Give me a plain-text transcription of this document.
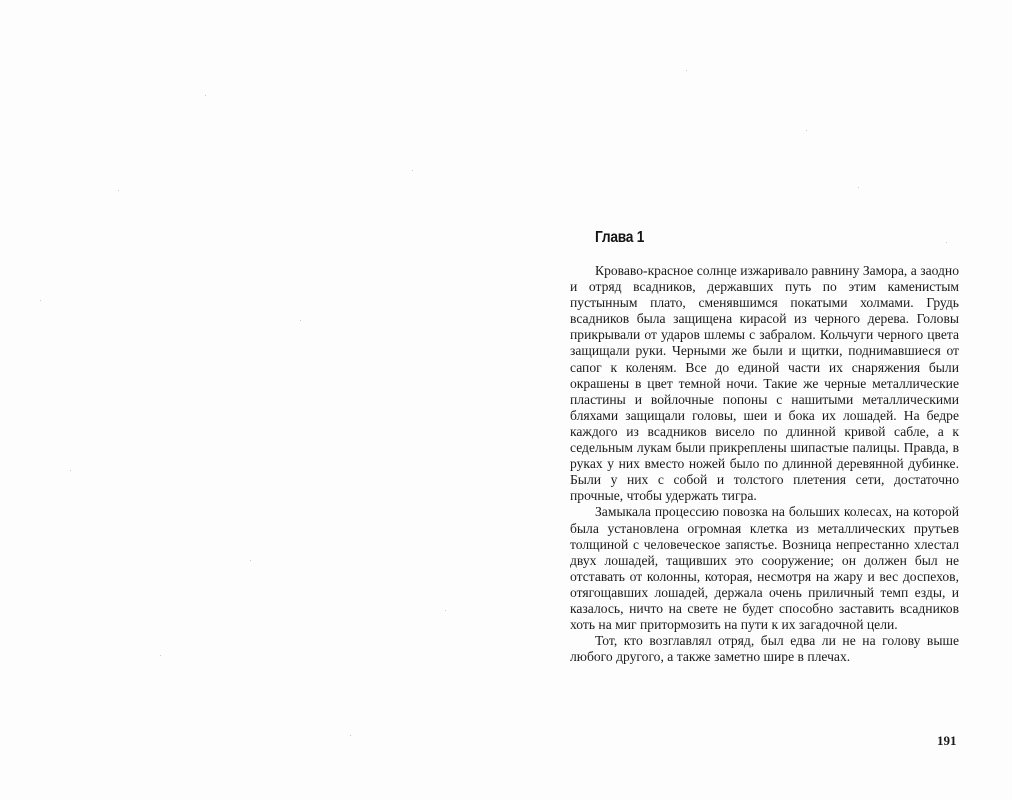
Глава 1

Кроваво-красное солнце изжаривало равнину Замора, а заодно и отряд всадников, державших путь по этим каменистым пустынным плато, сменявшимся покатыми холмами. Грудь всадников была защищена кирасой из черного дерева. Головы прикрывали от ударов шлемы с забралом. Кольчуги черного цвета защищали руки. Черными же были и щитки, поднимавшиеся от сапог к коленям. Все до единой части их снаряжения были окрашены в цвет темной ночи. Такие же черные металлические пластины и войлочные попоны с нашитыми металлическими бляхами защищали головы, шеи и бока их лошадей. На бедре каждого из всадников висело по длинной кривой сабле, а к седельным лукам были прикреплены шипастые палицы. Правда, в руках у них вместо ножей было по длинной деревянной дубинке. Были у них с собой и толстого плетения сети, достаточно прочные, чтобы удержать тигра.

Замыкала процессию повозка на больших колесах, на которой была установлена огромная клетка из металлических прутьев толщиной с человеческое запястье. Возница непрестанно хлестал двух лошадей, тащивших это сооружение; он должен был не отставать от колонны, которая, несмотря на жару и вес доспехов, отягощавших лошадей, держала очень приличный темп езды, и казалось, ничто на свете не будет способно заставить всадников хоть на миг притормозить на пути к их загадочной цели.

Тот, кто возглавлял отряд, был едва ли не на голову выше любого другого, а также заметно шире в плечах.

191
